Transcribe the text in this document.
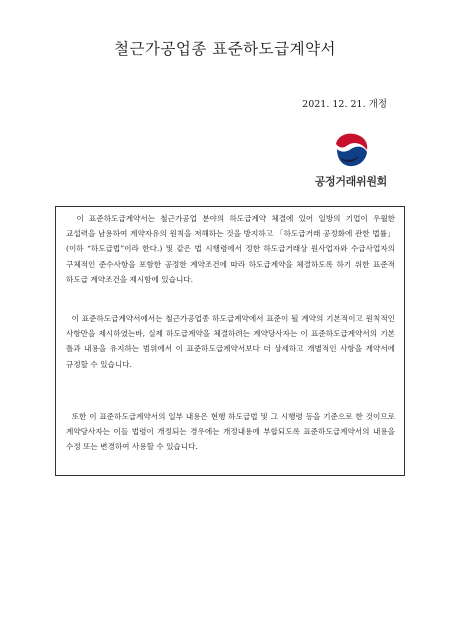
철근가공업종 표준하도급계약서
2021. 12. 21. 개정
공정거래위원회

이 표준하도급계약서는 철근가공업 분야의 하도급계약 체결에 있어 일방의 기업이 우월한 교섭력을 남용하여 계약자유의 원칙을 저해하는 것을 방지하고 「하도급거래 공정화에 관한 법률」(이하 “하도급법”이라 한다.) 및 같은 법 시행령에서 정한 하도급거래상 원사업자와 수급사업자의 구체적인 준수사항을 포함한 공정한 계약조건에 따라 하도급계약을 체결하도록 하기 위한 표준적 하도급 계약조건을 제시함에 있습니다.

이 표준하도급계약서에서는 철근가공업종 하도급계약에서 표준이 될 계약의 기본적이고 원칙적인 사항만을 제시하였는바, 실제 하도급계약을 체결하려는 계약당사자는 이 표준하도급계약서의 기본 틀과 내용을 유지하는 범위에서 이 표준하도급계약서보다 더 상세하고 개별적인 사항을 계약서에 규정할 수 있습니다.

또한 이 표준하도급계약서의 일부 내용은 현행 하도급법 및 그 시행령 등을 기준으로 한 것이므로 계약당사자는 이들 법령이 개정되는 경우에는 개정내용에 부합되도록 표준하도급계약서의 내용을 수정 또는 변경하여 사용할 수 있습니다.
